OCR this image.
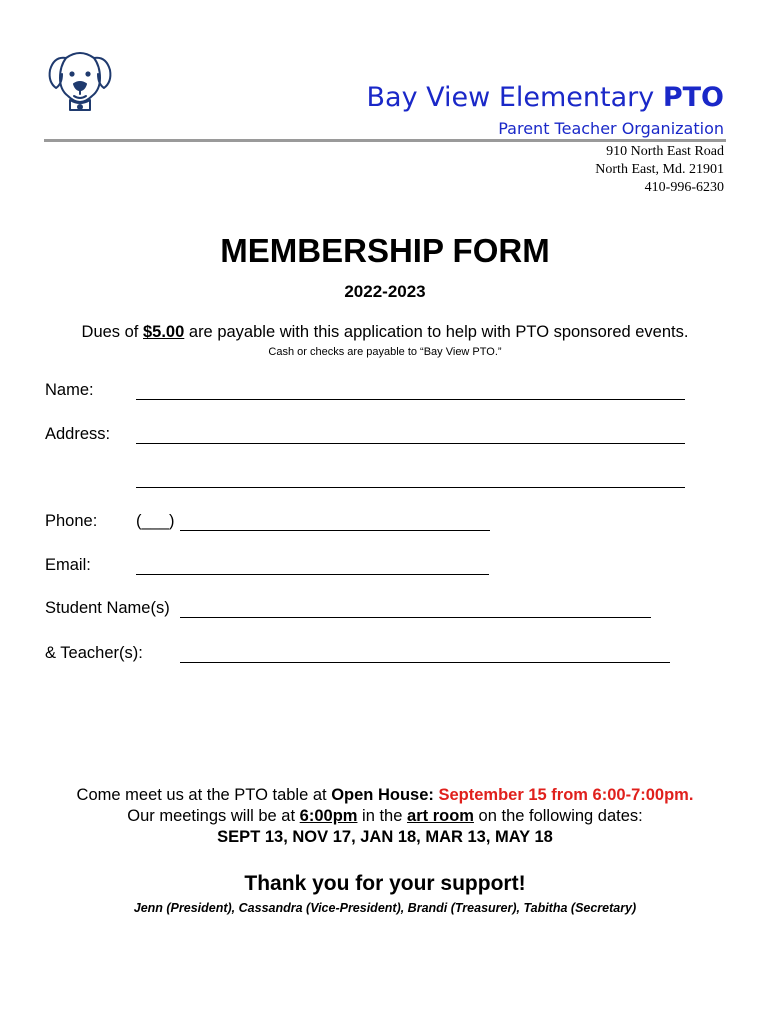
Bay View Elementary PTO
Parent Teacher Organization
910 North East Road
North East, Md. 21901
410-996-6230
MEMBERSHIP FORM
2022-2023
Dues of $5.00 are payable with this application to help with PTO sponsored events.
Cash or checks are payable to “Bay View PTO.”
Name:
Address:
Phone: (___)
Email:
Student Name(s)
& Teacher(s):
Come meet us at the PTO table at Open House: September 15 from 6:00-7:00pm.
Our meetings will be at 6:00pm in the art room on the following dates:
SEPT 13, NOV 17, JAN 18, MAR 13, MAY 18
Thank you for your support!
Jenn (President), Cassandra (Vice-President), Brandi (Treasurer), Tabitha (Secretary)
